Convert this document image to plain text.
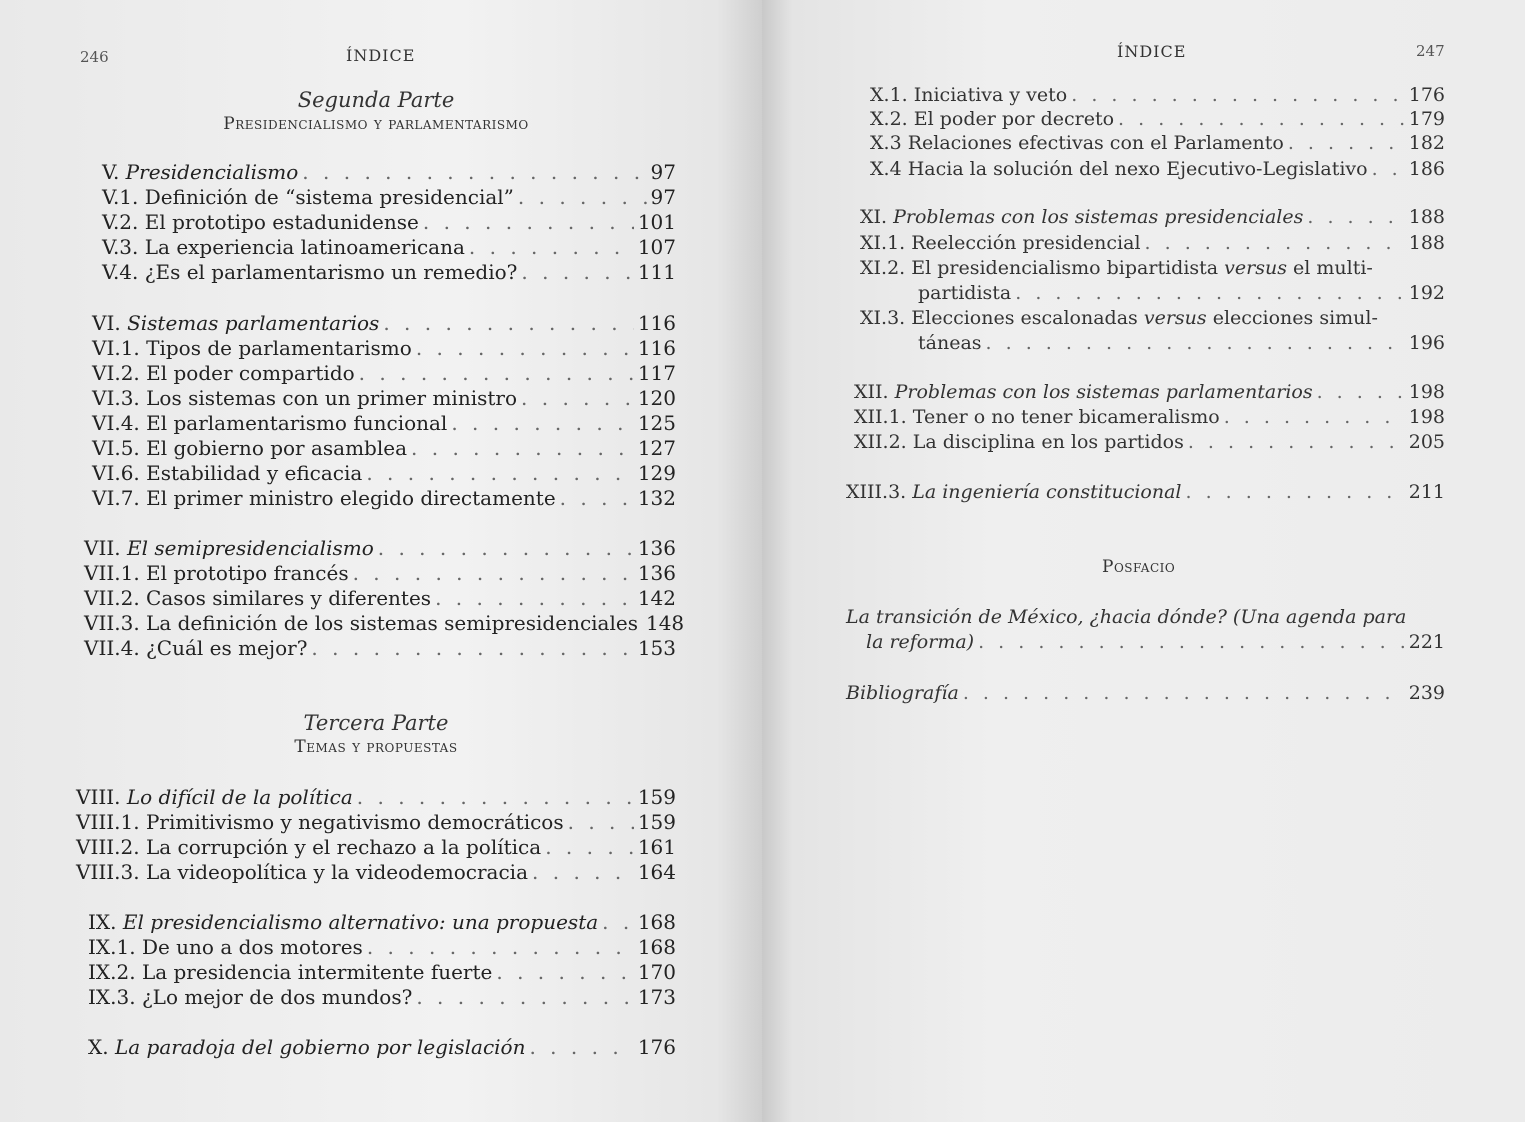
246	ÍNDICE
Segunda Parte
Presidencialismo y parlamentarismo
V. Presidencialismo . . .	97
V.1. Definición de “sistema presidencial” . . .	97
V.2. El prototipo estadunidense . . .	101
V.3. La experiencia latinoamericana . . .	107
V.4. ¿Es el parlamentarismo un remedio? . . .	111
VI. Sistemas parlamentarios . . .	116
VI.1. Tipos de parlamentarismo . . .	116
VI.2. El poder compartido . . .	117
VI.3. Los sistemas con un primer ministro . . .	120
VI.4. El parlamentarismo funcional . . .	125
VI.5. El gobierno por asamblea . . .	127
VI.6. Estabilidad y eficacia . . .	129
VI.7. El primer ministro elegido directamente . . .	132
VII. El semipresidencialismo . . .	136
VII.1. El prototipo francés . . .	136
VII.2. Casos similares y diferentes . . .	142
VII.3. La definición de los sistemas semipresidenciales 148
VII.4. ¿Cuál es mejor? . . .	153
VIII. Lo difícil de la política . . .	159
VIII.1. Primitivismo y negativismo democráticos . . .	159
VIII.2. La corrupción y el rechazo a la política . . .	161
VIII.3. La videopolítica y la videodemocracia . . .	164
IX. El presidencialismo alternativo: una propuesta . . . 168
IX.1. De uno a dos motores . . .	168
IX.2. La presidencia intermitente fuerte . . .	170
IX.3. ¿Lo mejor de dos mundos? . . .	173
X. La paradoja del gobierno por legislación . . .	176
Tercera Parte
Temas y propuestas
ÍNDICE	247
X.1. Iniciativa y veto . . .	176
X.2. El poder por decreto . . .	179
X.3 Relaciones efectivas con el Parlamento . . .	182
X.4 Hacia la solución del nexo Ejecutivo-Legislativo . . . 186
XI. Problemas con los sistemas presidenciales . . .	188
XI.1. Reelección presidencial . . .	188
XI.2. El presidencialismo bipartidista versus el multi-
partidista . . .	192
XI.3. Elecciones escalonadas versus elecciones simul-
táneas . . .	196
XII. Problemas con los sistemas parlamentarios . . .	198
XII.1. Tener o no tener bicameralismo . . .	198
XII.2. La disciplina en los partidos . . .	205
XIII.3. La ingeniería constitucional . . .	211
La transición de México, ¿hacia dónde? (Una agenda para
la reforma) . . .	221
Bibliografía . . .	239
Posfacio
